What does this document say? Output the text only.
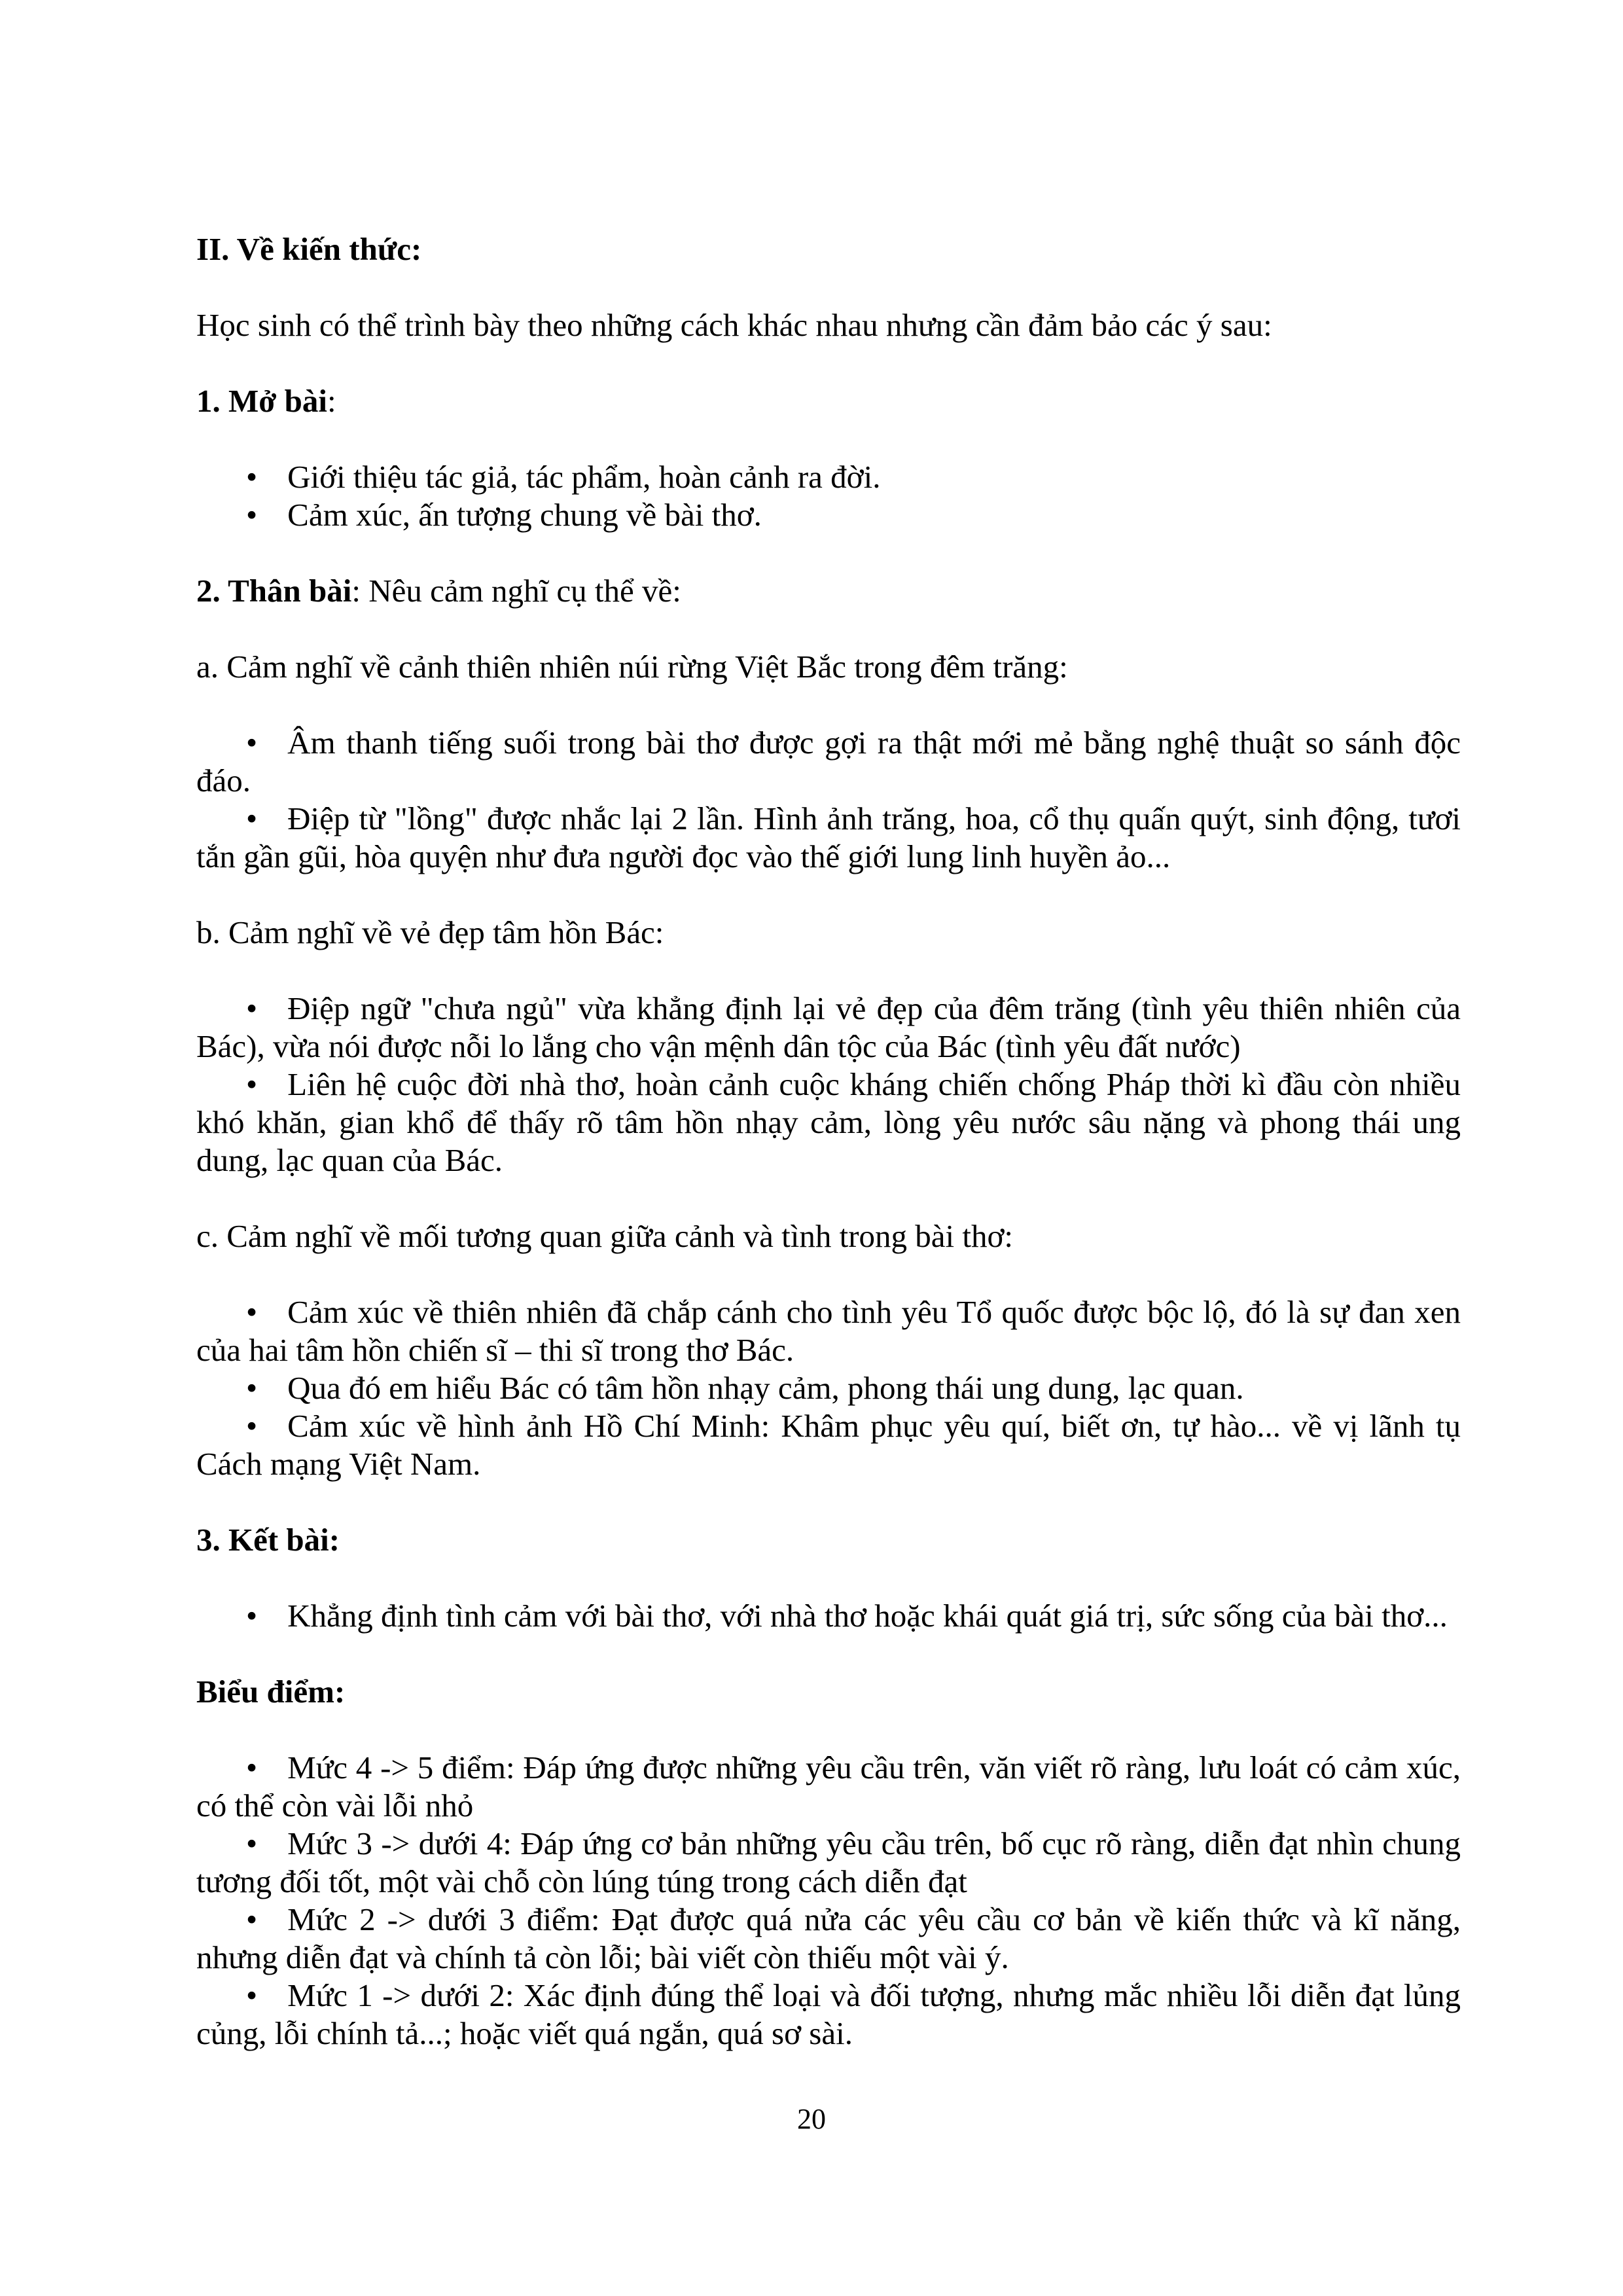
II. Về kiến thức:

Học sinh có thể trình bày theo những cách khác nhau nhưng cần đảm bảo các ý sau:

1. Mở bài:

• Giới thiệu tác giả, tác phẩm, hoàn cảnh ra đời.
• Cảm xúc, ấn tượng chung về bài thơ.

2. Thân bài: Nêu cảm nghĩ cụ thể về:

a. Cảm nghĩ về cảnh thiên nhiên núi rừng Việt Bắc trong đêm trăng:

• Âm thanh tiếng suối trong bài thơ được gợi ra thật mới mẻ bằng nghệ thuật so sánh độc đáo.
• Điệp từ "lồng" được nhắc lại 2 lần. Hình ảnh trăng, hoa, cổ thụ quấn quýt, sinh động, tươi tắn gần gũi, hòa quyện như đưa người đọc vào thế giới lung linh huyền ảo...

b. Cảm nghĩ về vẻ đẹp tâm hồn Bác:

• Điệp ngữ "chưa ngủ" vừa khẳng định lại vẻ đẹp của đêm trăng (tình yêu thiên nhiên của Bác), vừa nói được nỗi lo lắng cho vận mệnh dân tộc của Bác (tình yêu đất nước)
• Liên hệ cuộc đời nhà thơ, hoàn cảnh cuộc kháng chiến chống Pháp thời kì đầu còn nhiều khó khăn, gian khổ để thấy rõ tâm hồn nhạy cảm, lòng yêu nước sâu nặng và phong thái ung dung, lạc quan của Bác.

c. Cảm nghĩ về mối tương quan giữa cảnh và tình trong bài thơ:

• Cảm xúc về thiên nhiên đã chắp cánh cho tình yêu Tổ quốc được bộc lộ, đó là sự đan xen của hai tâm hồn chiến sĩ – thi sĩ trong thơ Bác.
• Qua đó em hiểu Bác có tâm hồn nhạy cảm, phong thái ung dung, lạc quan.
• Cảm xúc về hình ảnh Hồ Chí Minh: Khâm phục yêu quí, biết ơn, tự hào... về vị lãnh tụ Cách mạng Việt Nam.

3. Kết bài:

• Khẳng định tình cảm với bài thơ, với nhà thơ hoặc khái quát giá trị, sức sống của bài thơ...

Biểu điểm:

• Mức 4 -> 5 điểm: Đáp ứng được những yêu cầu trên, văn viết rõ ràng, lưu loát có cảm xúc, có thể còn vài lỗi nhỏ
• Mức 3 -> dưới 4: Đáp ứng cơ bản những yêu cầu trên, bố cục rõ ràng, diễn đạt nhìn chung tương đối tốt, một vài chỗ còn lúng túng trong cách diễn đạt
• Mức 2 -> dưới 3 điểm: Đạt được quá nửa các yêu cầu cơ bản về kiến thức và kĩ năng, nhưng diễn đạt và chính tả còn lỗi; bài viết còn thiếu một vài ý.
• Mức 1 -> dưới 2: Xác định đúng thể loại và đối tượng, nhưng mắc nhiều lỗi diễn đạt lủng củng, lỗi chính tả...; hoặc viết quá ngắn, quá sơ sài.
20
